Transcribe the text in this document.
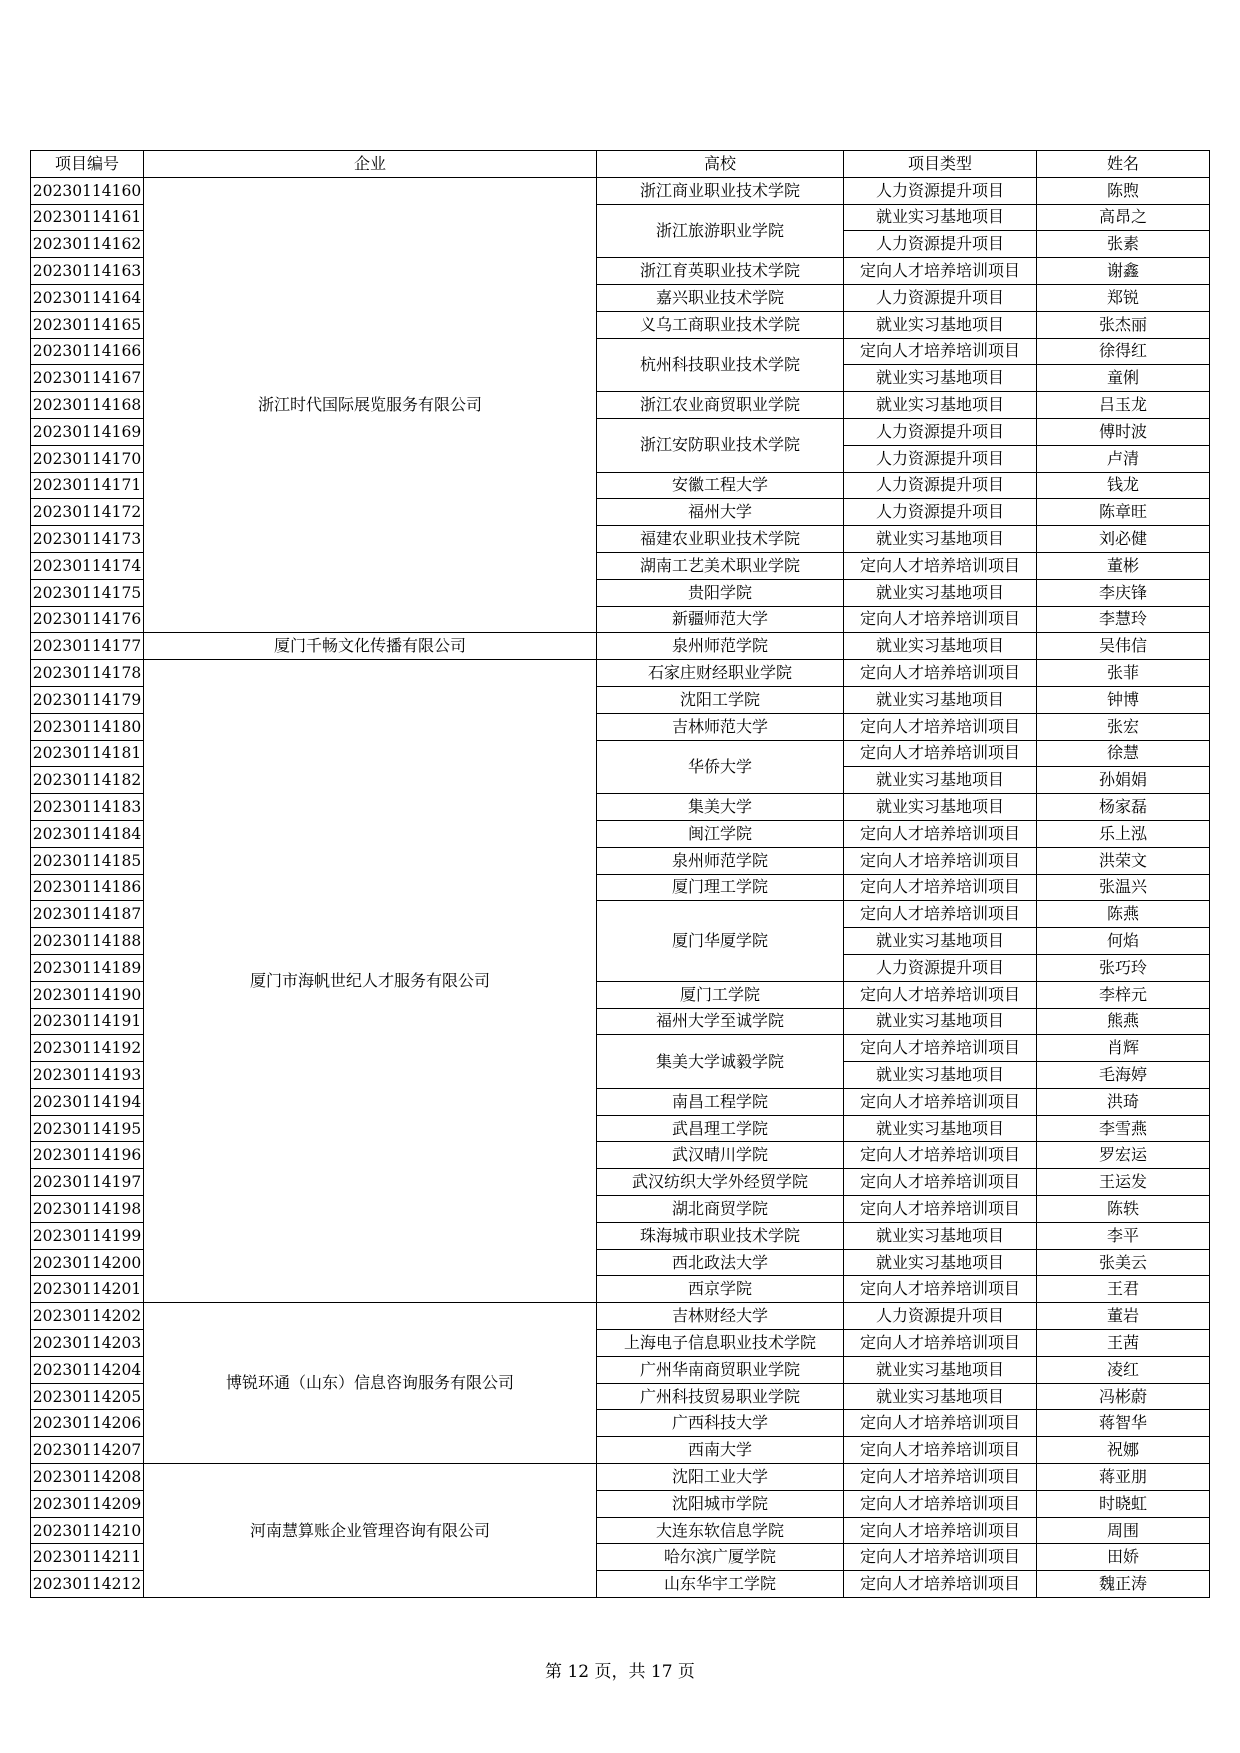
项目编号	企业	高校	项目类型	姓名
20230114160	浙江时代国际展览服务有限公司	浙江商业职业技术学院	人力资源提升项目	陈煦
20230114161		浙江旅游职业学院	就业实习基地项目	高昂之
20230114162			人力资源提升项目	张素
20230114163		浙江育英职业技术学院	定向人才培养培训项目	谢鑫
20230114164		嘉兴职业技术学院	人力资源提升项目	郑锐
20230114165		义乌工商职业技术学院	就业实习基地项目	张杰丽
20230114166		杭州科技职业技术学院	定向人才培养培训项目	徐得红
20230114167			就业实习基地项目	童俐
20230114168		浙江农业商贸职业学院	就业实习基地项目	吕玉龙
20230114169		浙江安防职业技术学院	人力资源提升项目	傅时波
20230114170			人力资源提升项目	卢清
20230114171		安徽工程大学	人力资源提升项目	钱龙
20230114172		福州大学	人力资源提升项目	陈章旺
20230114173		福建农业职业技术学院	就业实习基地项目	刘必健
20230114174		湖南工艺美术职业学院	定向人才培养培训项目	董彬
20230114175		贵阳学院	就业实习基地项目	李庆锋
20230114176		新疆师范大学	定向人才培养培训项目	李慧玲
20230114177	厦门千畅文化传播有限公司	泉州师范学院	就业实习基地项目	吴伟信
20230114178	厦门市海帆世纪人才服务有限公司	石家庄财经职业学院	定向人才培养培训项目	张菲
20230114179		沈阳工学院	就业实习基地项目	钟博
20230114180		吉林师范大学	定向人才培养培训项目	张宏
20230114181		华侨大学	定向人才培养培训项目	徐慧
20230114182			就业实习基地项目	孙娟娟
20230114183		集美大学	就业实习基地项目	杨家磊
20230114184		闽江学院	定向人才培养培训项目	乐上泓
20230114185		泉州师范学院	定向人才培养培训项目	洪荣文
20230114186		厦门理工学院	定向人才培养培训项目	张温兴
20230114187		厦门华厦学院	定向人才培养培训项目	陈燕
20230114188			就业实习基地项目	何焰
20230114189			人力资源提升项目	张巧玲
20230114190		厦门工学院	定向人才培养培训项目	李梓元
20230114191		福州大学至诚学院	就业实习基地项目	熊燕
20230114192		集美大学诚毅学院	定向人才培养培训项目	肖辉
20230114193			就业实习基地项目	毛海婷
20230114194		南昌工程学院	定向人才培养培训项目	洪琦
20230114195		武昌理工学院	就业实习基地项目	李雪燕
20230114196		武汉晴川学院	定向人才培养培训项目	罗宏运
20230114197		武汉纺织大学外经贸学院	定向人才培养培训项目	王运发
20230114198		湖北商贸学院	定向人才培养培训项目	陈轶
20230114199		珠海城市职业技术学院	就业实习基地项目	李平
20230114200		西北政法大学	就业实习基地项目	张美云
20230114201		西京学院	定向人才培养培训项目	王君
20230114202	博锐环通（山东）信息咨询服务有限公司	吉林财经大学	人力资源提升项目	董岩
20230114203		上海电子信息职业技术学院	定向人才培养培训项目	王茜
20230114204		广州华南商贸职业学院	就业实习基地项目	凌红
20230114205		广州科技贸易职业学院	就业实习基地项目	冯彬蔚
20230114206		广西科技大学	定向人才培养培训项目	蒋智华
20230114207		西南大学	定向人才培养培训项目	祝娜
20230114208	河南慧算账企业管理咨询有限公司	沈阳工业大学	定向人才培养培训项目	蒋亚朋
20230114209		沈阳城市学院	定向人才培养培训项目	时晓虹
20230114210		大连东软信息学院	定向人才培养培训项目	周围
20230114211		哈尔滨广厦学院	定向人才培养培训项目	田娇
20230114212		山东华宇工学院	定向人才培养培训项目	魏正涛
第 12 页，共 17 页
